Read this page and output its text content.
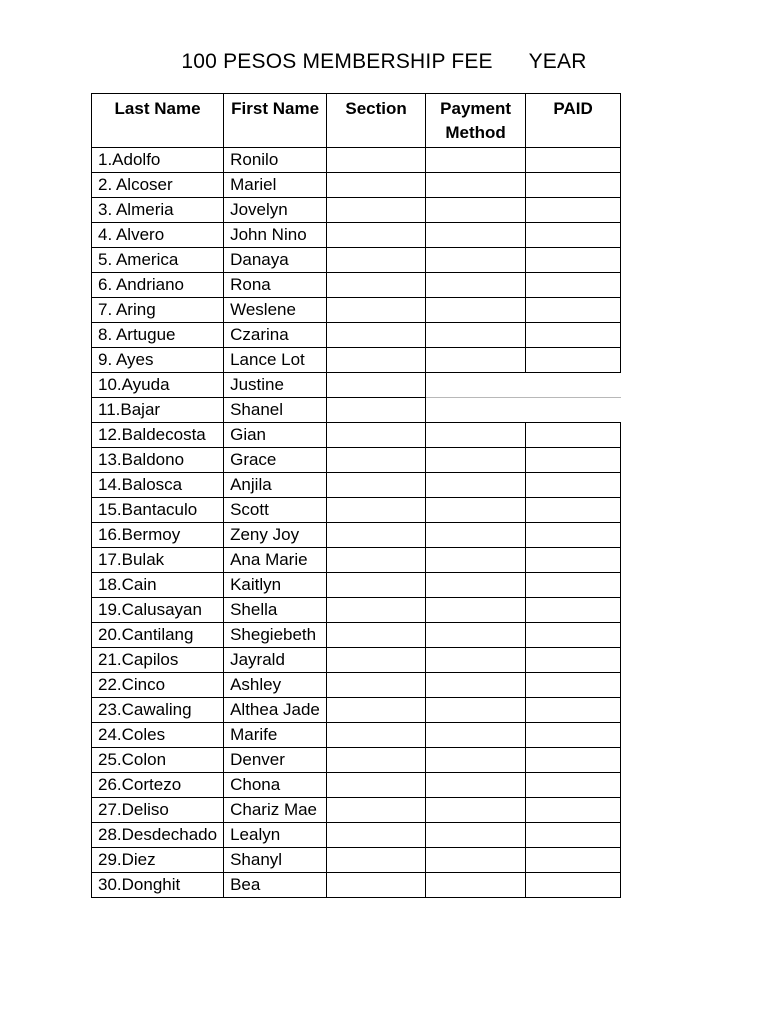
100 PESOS MEMBERSHIP FEE      YEAR
Last Name	First Name	Section	Payment Method	PAID
1.Adolfo	Ronilo			
2. Alcoser	Mariel			
3. Almeria	Jovelyn			
4. Alvero	John Nino			
5. America	Danaya			
6. Andriano	Rona			
7. Aring	Weslene			
8. Artugue	Czarina			
9. Ayes	Lance Lot			
10.Ayuda	Justine			
11.Bajar	Shanel			
12.Baldecosta	Gian			
13.Baldono	Grace			
14.Balosca	Anjila			
15.Bantaculo	Scott			
16.Bermoy	Zeny Joy			
17.Bulak	Ana Marie			
18.Cain	Kaitlyn			
19.Calusayan	Shella			
20.Cantilang	Shegiebeth			
21.Capilos	Jayrald			
22.Cinco	Ashley			
23.Cawaling	Althea Jade			
24.Coles	Marife			
25.Colon	Denver			
26.Cortezo	Chona			
27.Deliso	Chariz Mae			
28.Desdechado	Lealyn			
29.Diez	Shanyl			
30.Donghit	Bea			
